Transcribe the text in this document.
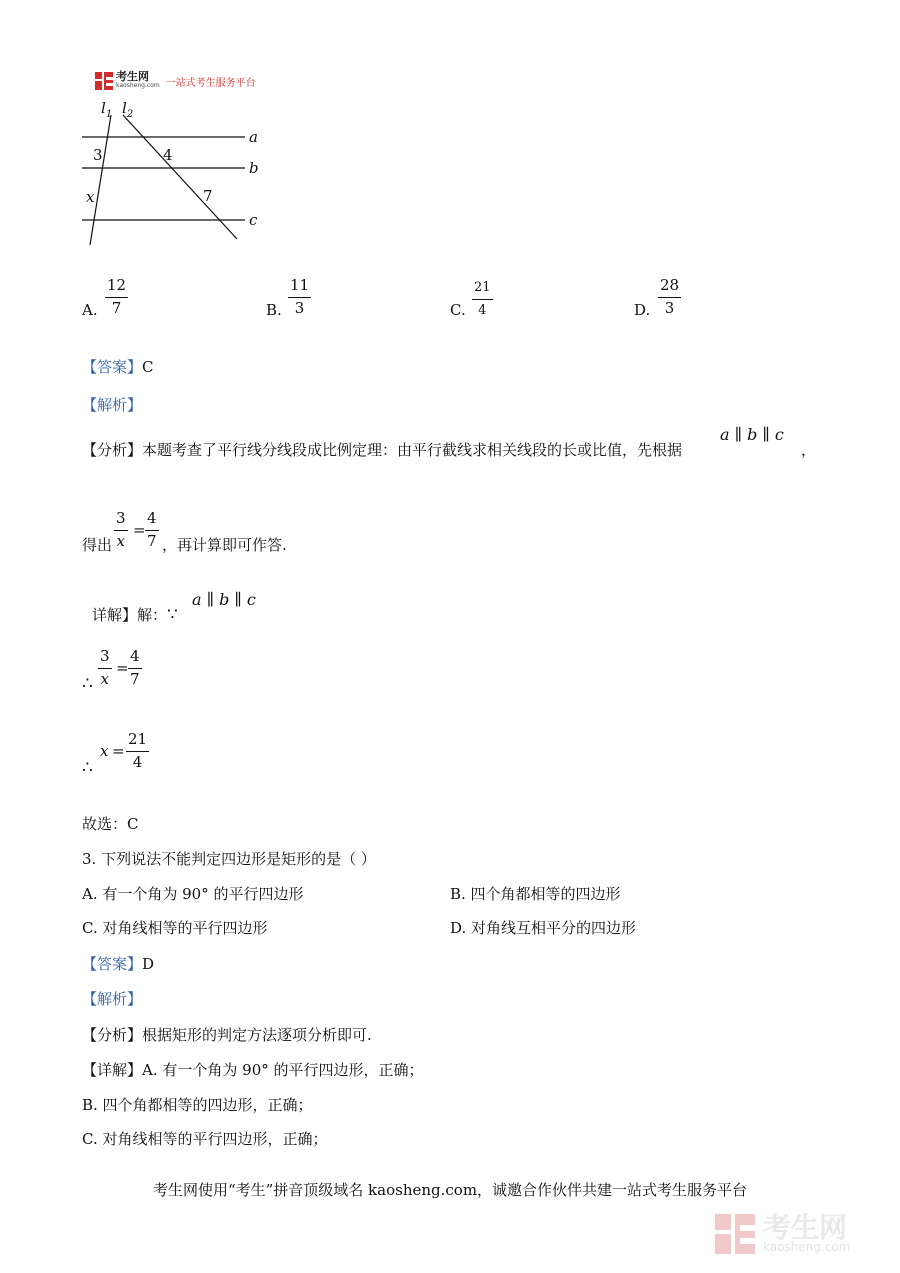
考生网
kaosheng.com 一站式考生服务平台
$l_1$ $l_2$
a
b
c
3	4
x	7
A.
12
7	B.
11
3	C.
21
4	D.
28
3
【答案】C
【解析】
【分析】本题考查了平行线分线段成比例定理：由平行截线求相关线段的长或比值，先根据
a ∥ b ∥ c
，
得出
3
x
=
4
7 ，再计算即可作答.
详解】解：∵
a ∥ b ∥ c
∴
3
x
=
4
7
∴
x =
21
4
故选：C
3. 下列说法不能判定四边形是矩形的是（ ）
A. 有一个角为 90° 的平行四边形	B. 四个角都相等的四边形
C. 对角线相等的平行四边形	D. 对角线互相平分的四边形
【答案】D
【解析】
【分析】根据矩形的判定方法逐项分析即可.
【详解】A. 有一个角为 90° 的平行四边形，正确；
B. 四个角都相等的四边形，正确；
C. 对角线相等的平行四边形，正确；
考生网使用“考生”拼音顶级域名 kaosheng.com，诚邀合作伙伴共建一站式考生服务平台
考生网
kaosheng.com
